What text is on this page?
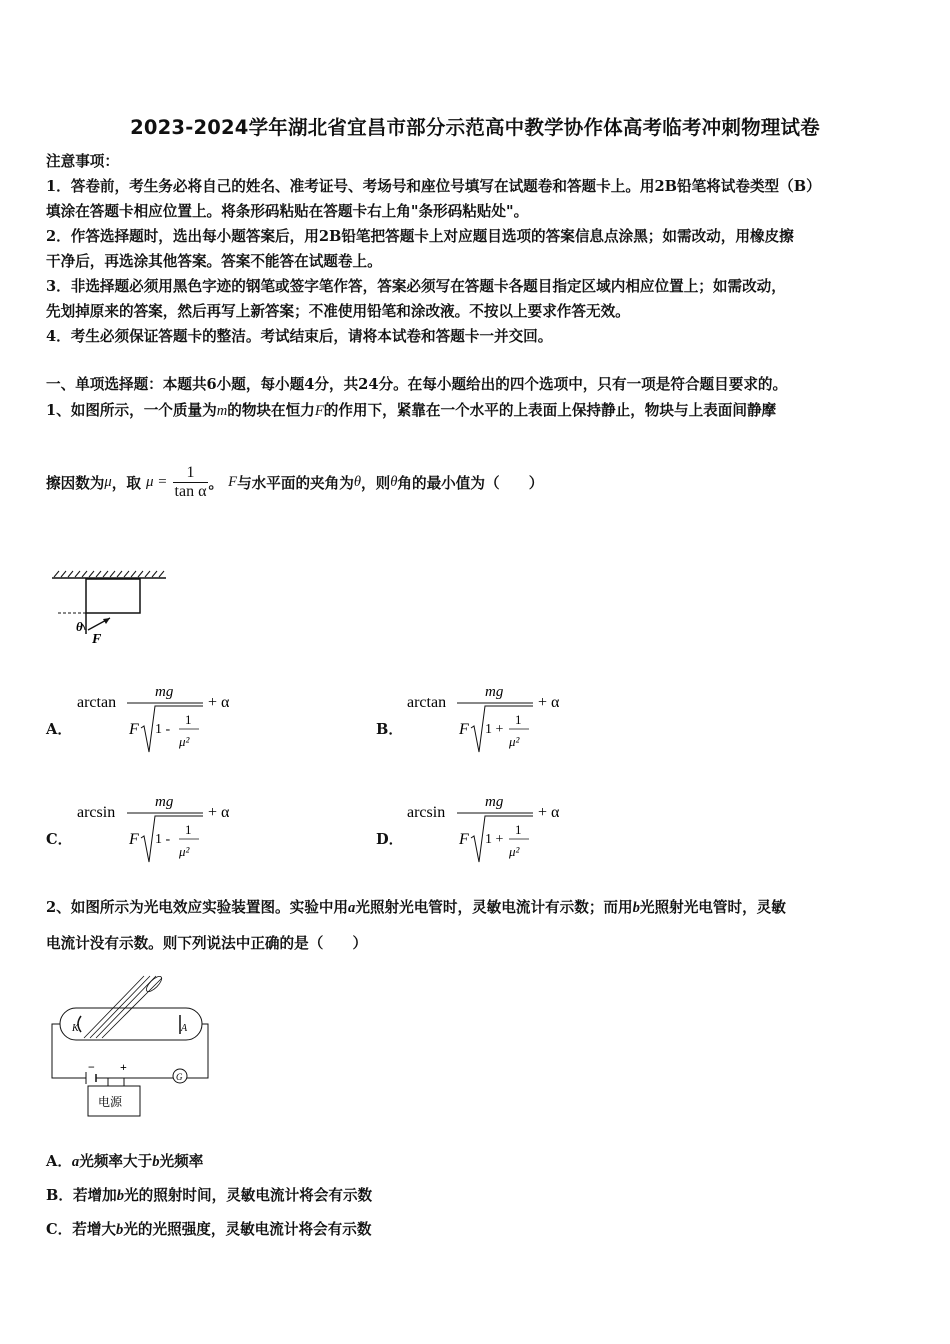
2023-2024学年湖北省宜昌市部分示范高中教学协作体高考临考冲刺物理试卷
注意事项：
1．答卷前，考生务必将自己的姓名、准考证号、考场号和座位号填写在试题卷和答题卡上。用2B铅笔将试卷类型（B）
填涂在答题卡相应位置上。将条形码粘贴在答题卡右上角"条形码粘贴处"。
2．作答选择题时，选出每小题答案后，用2B铅笔把答题卡上对应题目选项的答案信息点涂黑；如需改动，用橡皮擦
干净后，再选涂其他答案。答案不能答在试题卷上。
3．非选择题必须用黑色字迹的钢笔或签字笔作答，答案必须写在答题卡各题目指定区域内相应位置上；如需改动，
先划掉原来的答案，然后再写上新答案；不准使用铅笔和涂改液。不按以上要求作答无效。
4．考生必须保证答题卡的整洁。考试结束后，请将本试卷和答题卡一并交回。
一、单项选择题：本题共6小题，每小题4分，共24分。在每小题给出的四个选项中，只有一项是符合题目要求的。
1、如图所示，一个质量为m的物块在恒力F的作用下，紧靠在一个水平的上表面上保持静止，物块与上表面间静摩
擦因数为μ，取 $\mu = \frac{1}{\text{tan α}}$ 。 F与水平面的夹角为θ，则θ角的最小值为（　　）
θ
F
A．
arctan
mg
F 1 -
1
μ²
+ α
B．
arctan
mg
F 1 +
1
μ²
+ α
C．
arcsin
mg
F 1 -
1
μ²
+ α
D．
arcsin
mg
F 1 +
1
μ²
+ α
2、如图所示为光电效应实验装置图。实验中用a光照射光电管时，灵敏电流计有示数；而用b光照射光电管时，灵敏
电流计没有示数。则下列说法中正确的是（　　）
K	A
− +
G
电源
A．a光频率大于b光频率
B．若增加b光的照射时间，灵敏电流计将会有示数
C．若增大b光的光照强度，灵敏电流计将会有示数
